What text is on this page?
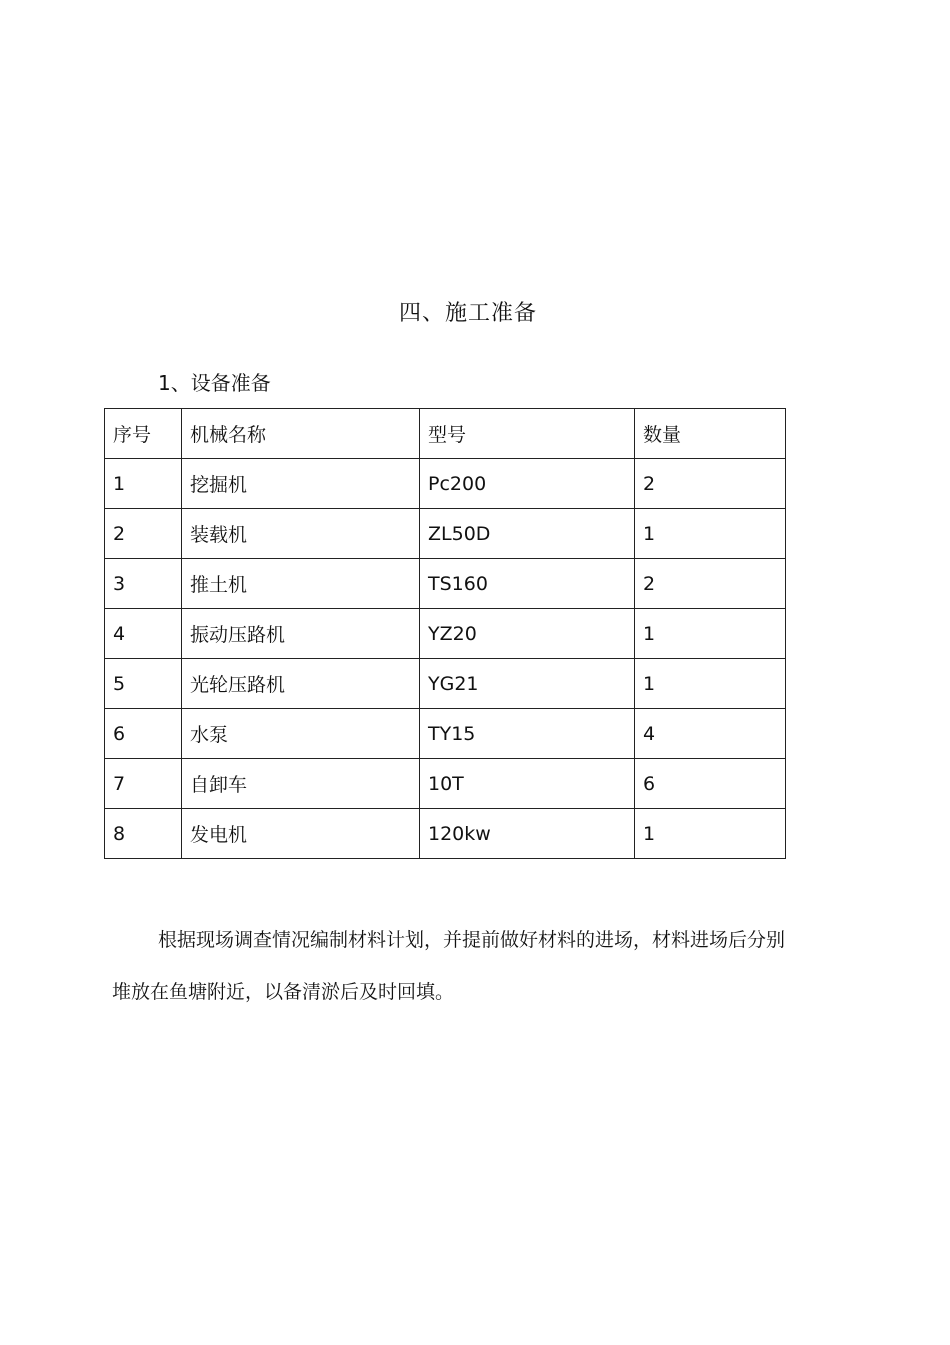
四、施工准备
1、设备准备
序号	机械名称	型号	数量
1	挖掘机	Pc200	2
2	装载机	ZL50D	1
3	推土机	TS160	2
4	振动压路机	YZ20	1
5	光轮压路机	YG21	1
6	水泵	TY15	4
7	自卸车	10T	6
8	发电机	120kw	1

根据现场调查情况编制材料计划，并提前做好材料的进场，材料进场后分别堆放在鱼塘附近，以备清淤后及时回填。
